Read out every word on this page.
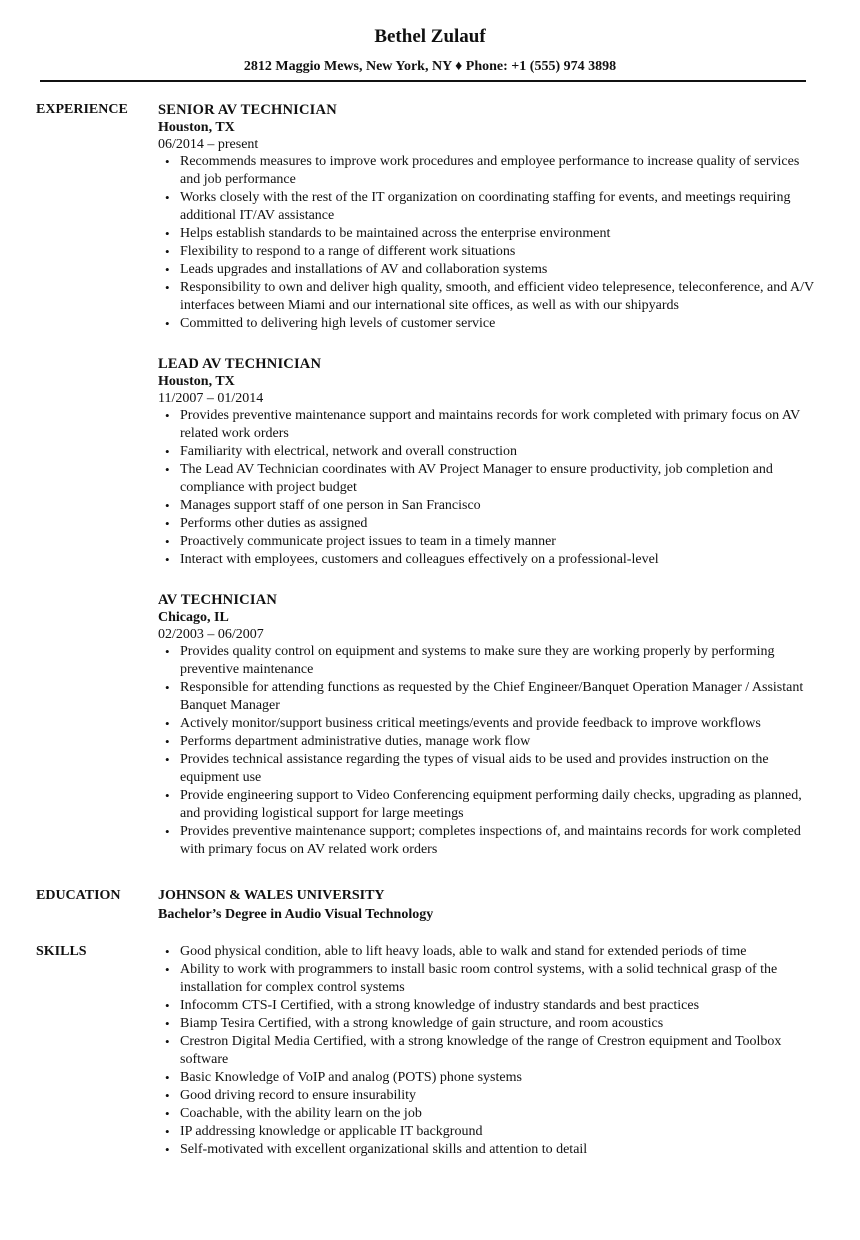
Bethel Zulauf
2812 Maggio Mews, New York, NY ♦ Phone: +1 (555) 974 3898
EXPERIENCE	SENIOR AV TECHNICIAN
Houston, TX
06/2014 – present
• Recommends measures to improve work procedures and employee performance to increase quality of services and job performance
• Works closely with the rest of the IT organization on coordinating staffing for events, and meetings requiring additional IT/AV assistance
• Helps establish standards to be maintained across the enterprise environment
• Flexibility to respond to a range of different work situations
• Leads upgrades and installations of AV and collaboration systems
• Responsibility to own and deliver high quality, smooth, and efficient video telepresence, teleconference, and A/V interfaces between Miami and our international site offices, as well as with our shipyards
• Committed to delivering high levels of customer service
LEAD AV TECHNICIAN
Houston, TX
11/2007 – 01/2014
• Provides preventive maintenance support and maintains records for work completed with primary focus on AV related work orders
• Familiarity with electrical, network and overall construction
• The Lead AV Technician coordinates with AV Project Manager to ensure productivity, job completion and compliance with project budget
• Manages support staff of one person in San Francisco
• Performs other duties as assigned
• Proactively communicate project issues to team in a timely manner
• Interact with employees, customers and colleagues effectively on a professional-level
AV TECHNICIAN
Chicago, IL
02/2003 – 06/2007
• Provides quality control on equipment and systems to make sure they are working properly by performing preventive maintenance
• Responsible for attending functions as requested by the Chief Engineer/Banquet Operation Manager / Assistant Banquet Manager
• Actively monitor/support business critical meetings/events and provide feedback to improve workflows
• Performs department administrative duties, manage work flow
• Provides technical assistance regarding the types of visual aids to be used and provides instruction on the equipment use
• Provide engineering support to Video Conferencing equipment performing daily checks, upgrading as planned, and providing logistical support for large meetings
• Provides preventive maintenance support; completes inspections of, and maintains records for work completed with primary focus on AV related work orders
EDUCATION	JOHNSON & WALES UNIVERSITY
Bachelor’s Degree in Audio Visual Technology
SKILLS	• Good physical condition, able to lift heavy loads, able to walk and stand for extended periods of time
• Ability to work with programmers to install basic room control systems, with a solid technical grasp of the installation for complex control systems
• Infocomm CTS-I Certified, with a strong knowledge of industry standards and best practices
• Biamp Tesira Certified, with a strong knowledge of gain structure, and room acoustics
• Crestron Digital Media Certified, with a strong knowledge of the range of Crestron equipment and Toolbox software
• Basic Knowledge of VoIP and analog (POTS) phone systems
• Good driving record to ensure insurability
• Coachable, with the ability learn on the job
• IP addressing knowledge or applicable IT background
• Self-motivated with excellent organizational skills and attention to detail
